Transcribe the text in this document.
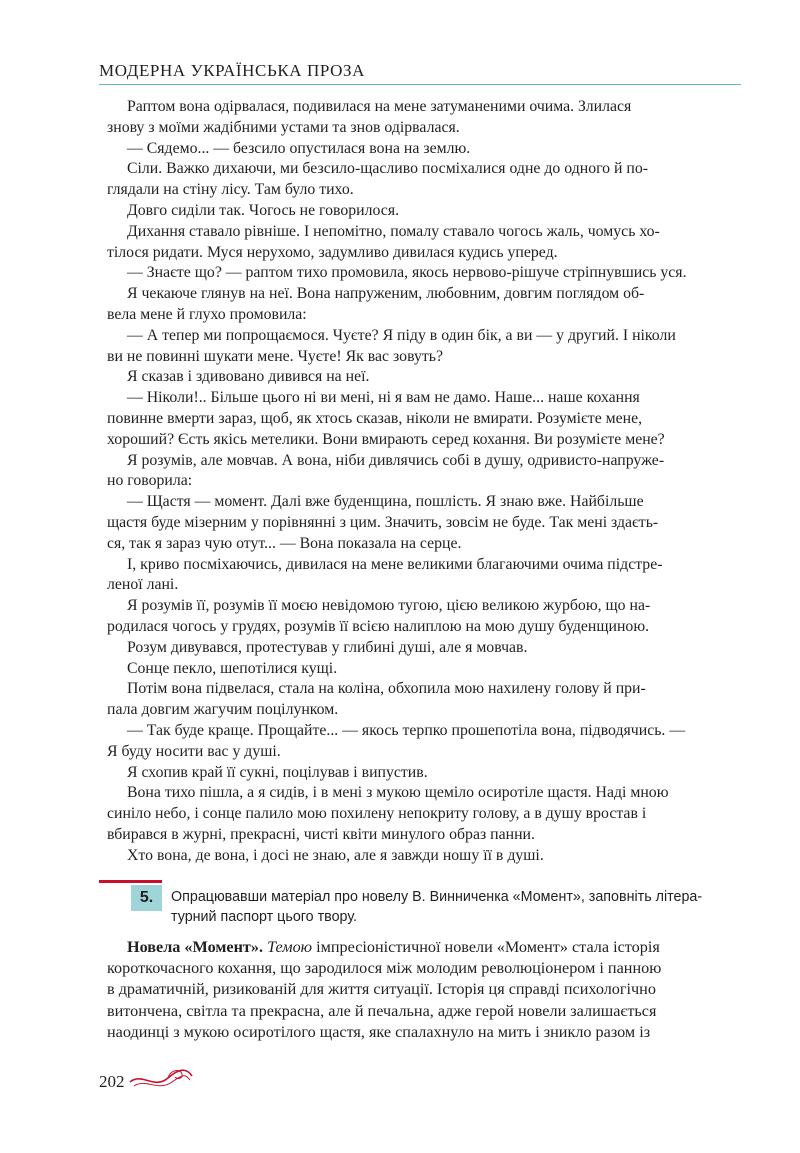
МОДЕРНА УКРАЇНСЬКА ПРОЗА

Раптом вона одірвалася, подивилася на мене затуманеними очима. Злилася

знову з моїми жадібними устами та знов одірвалася.

— Сядемо... — безсило опустилася вона на землю.

Сіли. Важко дихаючи, ми безсило-щасливо посміхалися одне до одного й по-

глядали на стіну лісу. Там було тихо.

Довго сиділи так. Чогось не говорилося.

Дихання ставало рівніше. І непомітно, помалу ставало чогось жаль, чомусь хо-

тілося ридати. Муся нерухомо, задумливо дивилася кудись уперед.

— Знаєте що? — раптом тихо промовила, якось нервово-рішуче стріпнувшись уся.

Я чекаюче глянув на неї. Вона напруженим, любовним, довгим поглядом об-

вела мене й глухо промовила:

— А тепер ми попрощаємося. Чуєте? Я піду в один бік, а ви — у другий. І ніколи

ви не повинні шукати мене. Чуєте! Як вас зовуть?

Я сказав і здивовано дивився на неї.

— Ніколи!.. Більше цього ні ви мені, ні я вам не дамо. Наше... наше кохання

повинне вмерти зараз, щоб, як хтось сказав, ніколи не вмирати. Розумієте мене,

хороший? Єсть якісь метелики. Вони вмирають серед кохання. Ви розумієте мене?

Я розумів, але мовчав. А вона, ніби дивлячись собі в душу, одривисто-напруже-

но говорила:

— Щастя — момент. Далі вже буденщина, пошлість. Я знаю вже. Найбільше

щастя буде мізерним у порівнянні з цим. Значить, зовсім не буде. Так мені здаєть-

ся, так я зараз чую отут... — Вона показала на серце.

І, криво посміхаючись, дивилася на мене великими благаючими очима підстре-

леної лані.

Я розумів її, розумів її моєю невідомою тугою, цією великою журбою, що на-

родилася чогось у грудях, розумів її всією налиплою на мою душу буденщиною.

Розум дивувався, протестував у глибині душі, але я мовчав.

Сонце пекло, шепотілися кущі.

Потім вона підвелася, стала на коліна, обхопила мою нахилену голову й при-

пала довгим жагучим поцілунком.

— Так буде краще. Прощайте... — якось терпко прошепотіла вона, підводячись. —

Я буду носити вас у душі.

Я схопив край її сукні, поцілував і випустив.

Вона тихо пішла, а я сидів, і в мені з мукою щеміло осиротіле щастя. Наді мною

синіло небо, і сонце палило мою похилену непокриту голову, а в душу вростав і

вбирався в журні, прекрасні, чисті квіти минулого образ панни.

Хто вона, де вона, і досі не знаю, але я завжди ношу її в душі.

5.	Опрацювавши матеріал про новелу В. Винниченка «Момент», заповніть літера-
турний паспорт цього твору.

Новела «Момент». Темою імпресіоністичної новели «Момент» стала історія

короткочасного кохання, що зародилося між молодим революціонером і панною

в драматичній, ризикованій для життя ситуації. Історія ця справді психологічно

витончена, світла та прекрасна, але й печальна, адже герой новели залишається

наодинці з мукою осиротілого щастя, яке спалахнуло на мить і зникло разом із

202
